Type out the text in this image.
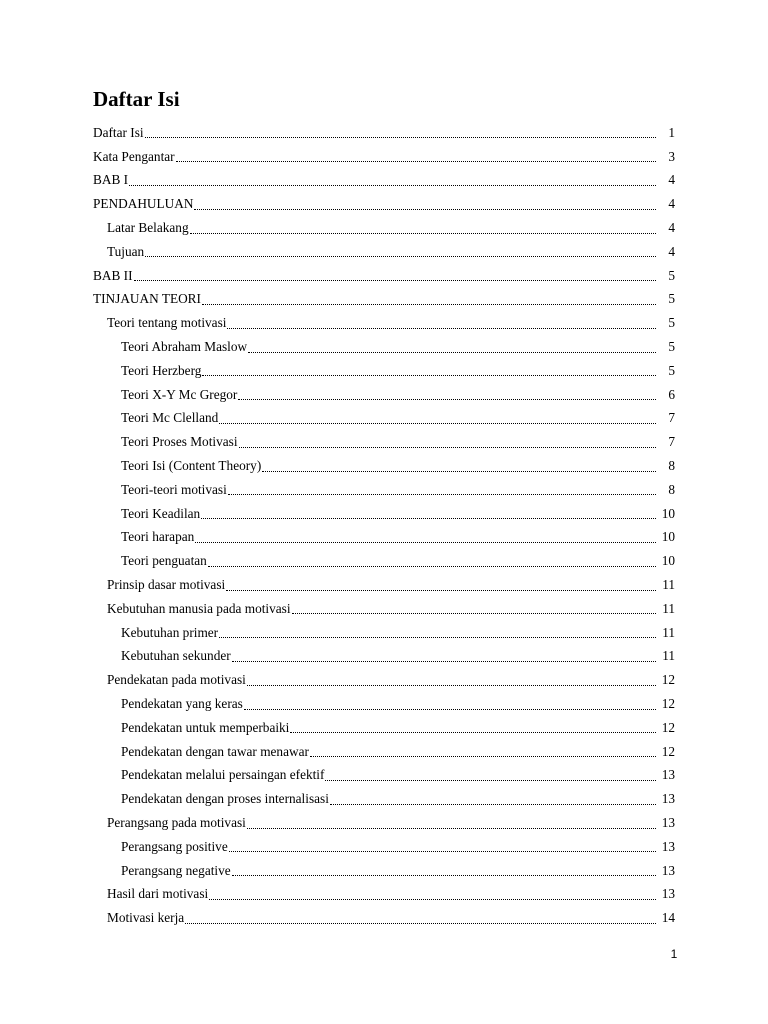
Daftar Isi
Daftar Isi	1
Kata Pengantar	3
BAB I	4
PENDAHULUAN	4
Latar Belakang	4
Tujuan	4
BAB II	5
TINJAUAN TEORI	5
Teori tentang motivasi	5
Teori Abraham Maslow	5
Teori Herzberg	5
Teori X-Y Mc Gregor	6
Teori Mc Clelland	7
Teori Proses Motivasi	7
Teori Isi (Content Theory)	8
Teori-teori motivasi	8
Teori Keadilan	10
Teori harapan	10
Teori penguatan	10
Prinsip dasar motivasi	11
Kebutuhan manusia pada motivasi	11
Kebutuhan primer	11
Kebutuhan sekunder	11
Pendekatan pada motivasi	12
Pendekatan yang keras	12
Pendekatan untuk memperbaiki	12
Pendekatan dengan tawar menawar	12
Pendekatan melalui persaingan efektif	13
Pendekatan dengan proses internalisasi	13
Perangsang pada motivasi	13
Perangsang positive	13
Perangsang negative	13
Hasil dari motivasi	13
Motivasi kerja	14
1
